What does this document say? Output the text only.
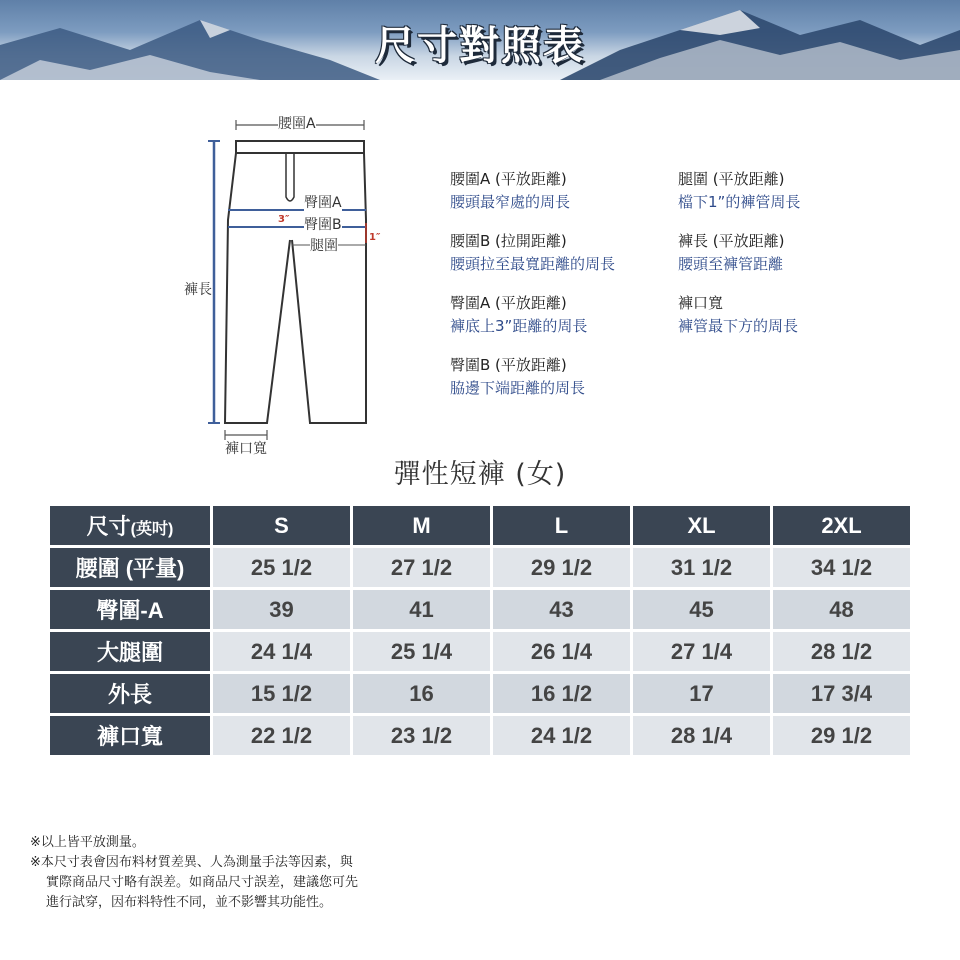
尺寸對照表
腰圍A
臀圍A
臀圍B
腿圍
褲長
褲口寬
3″
1″
腰圍A (平放距離)
腰頭最窄處的周長
腰圍B (拉開距離)
腰頭拉至最寬距離的周長
臀圍A (平放距離)
褲底上3”距離的周長
臀圍B (平放距離)
脇邊下端距離的周長
腿圍 (平放距離)
檔下1”的褲管周長
褲長 (平放距離)
腰頭至褲管距離
褲口寬
褲管最下方的周長
彈性短褲 (女)
尺寸(英吋)	S	M	L	XL	2XL
腰圍 (平量)	25 1/2	27 1/2	29 1/2	31 1/2	34 1/2
臀圍-A	39	41	43	45	48
大腿圍	24 1/4	25 1/4	26 1/4	27 1/4	28 1/2
外長	15 1/2	16	16 1/2	17	17 3/4
褲口寬	22 1/2	23 1/2	24 1/2	28 1/4	29 1/2
※以上皆平放測量。
※本尺寸表會因布料材質差異、人為測量手法等因素，與
實際商品尺寸略有誤差。如商品尺寸誤差，建議您可先
進行試穿，因布料特性不同，並不影響其功能性。
